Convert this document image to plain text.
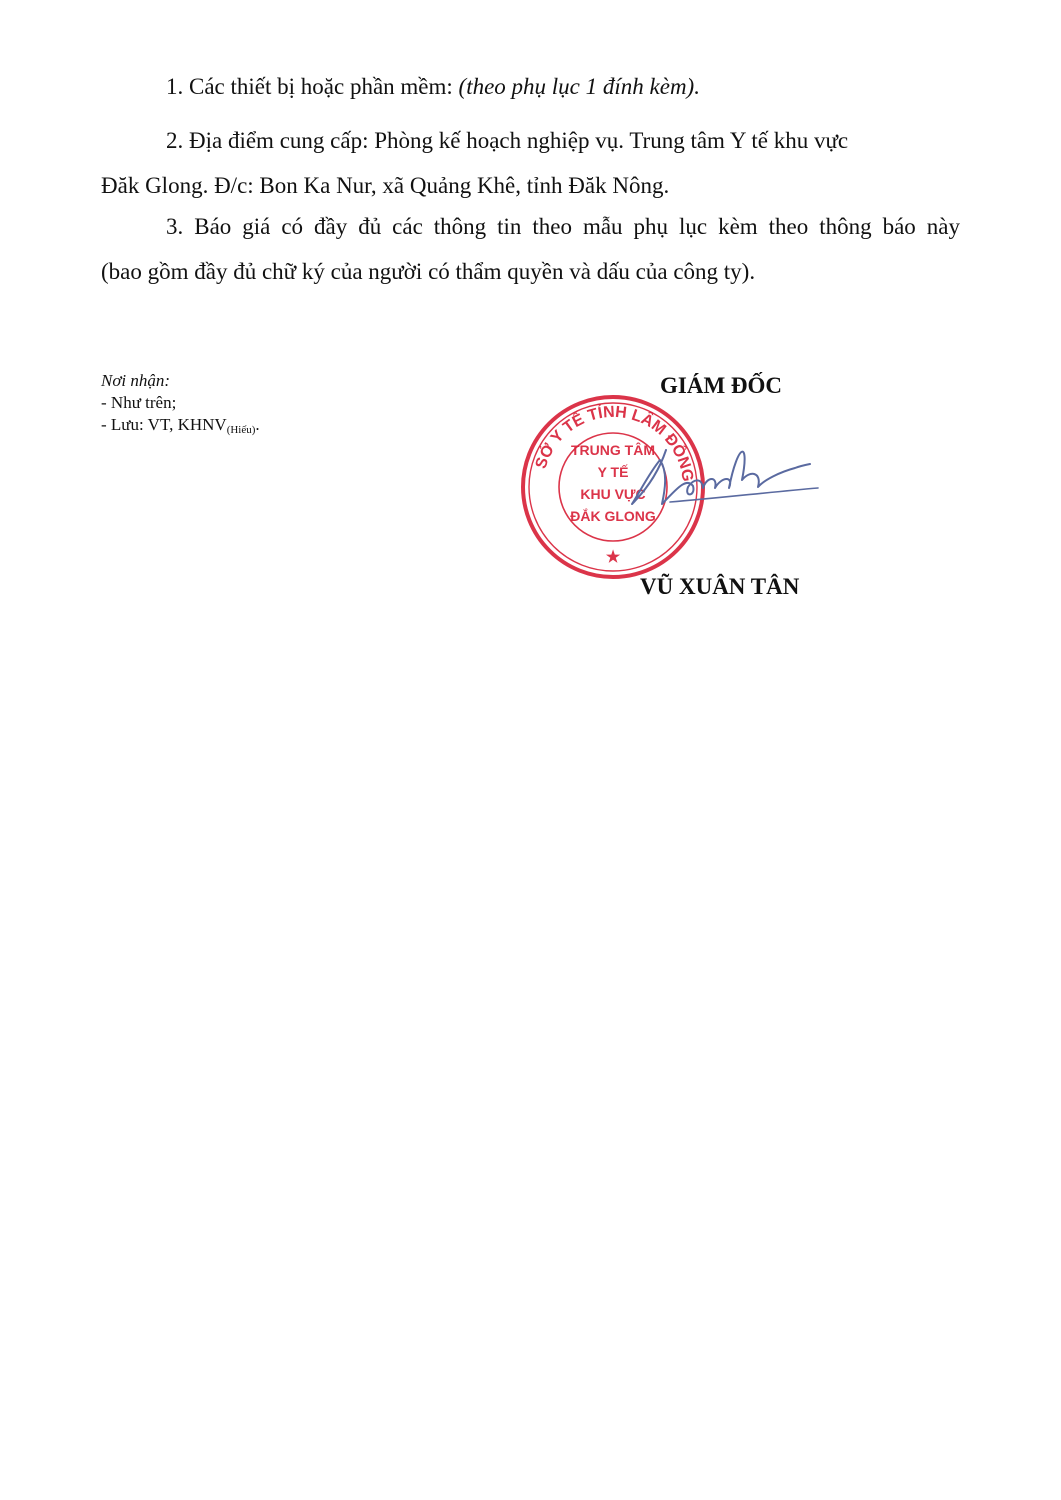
1. Các thiết bị hoặc phần mềm: (theo phụ lục 1 đính kèm).
2. Địa điểm cung cấp: Phòng kế hoạch nghiệp vụ. Trung tâm Y tế khu vực
Đăk Glong. Đ/c: Bon Ka Nur, xã Quảng Khê, tỉnh Đăk Nông.
3. Báo giá có đầy đủ các thông tin theo mẫu phụ lục kèm theo thông báo này
(bao gồm đầy đủ chữ ký của người có thẩm quyền và dấu của công ty).
Nơi nhận:
- Như trên;
- Lưu: VT, $KHNV_{(Hiếu)}$.
SỞ Y TẾ TỈNH LÂM ĐỒNG
TRUNG TÂM
Y TẾ
KHU VỰC
ĐẮK GLONG
★
GIÁM ĐỐC
VŨ XUÂN TÂN
